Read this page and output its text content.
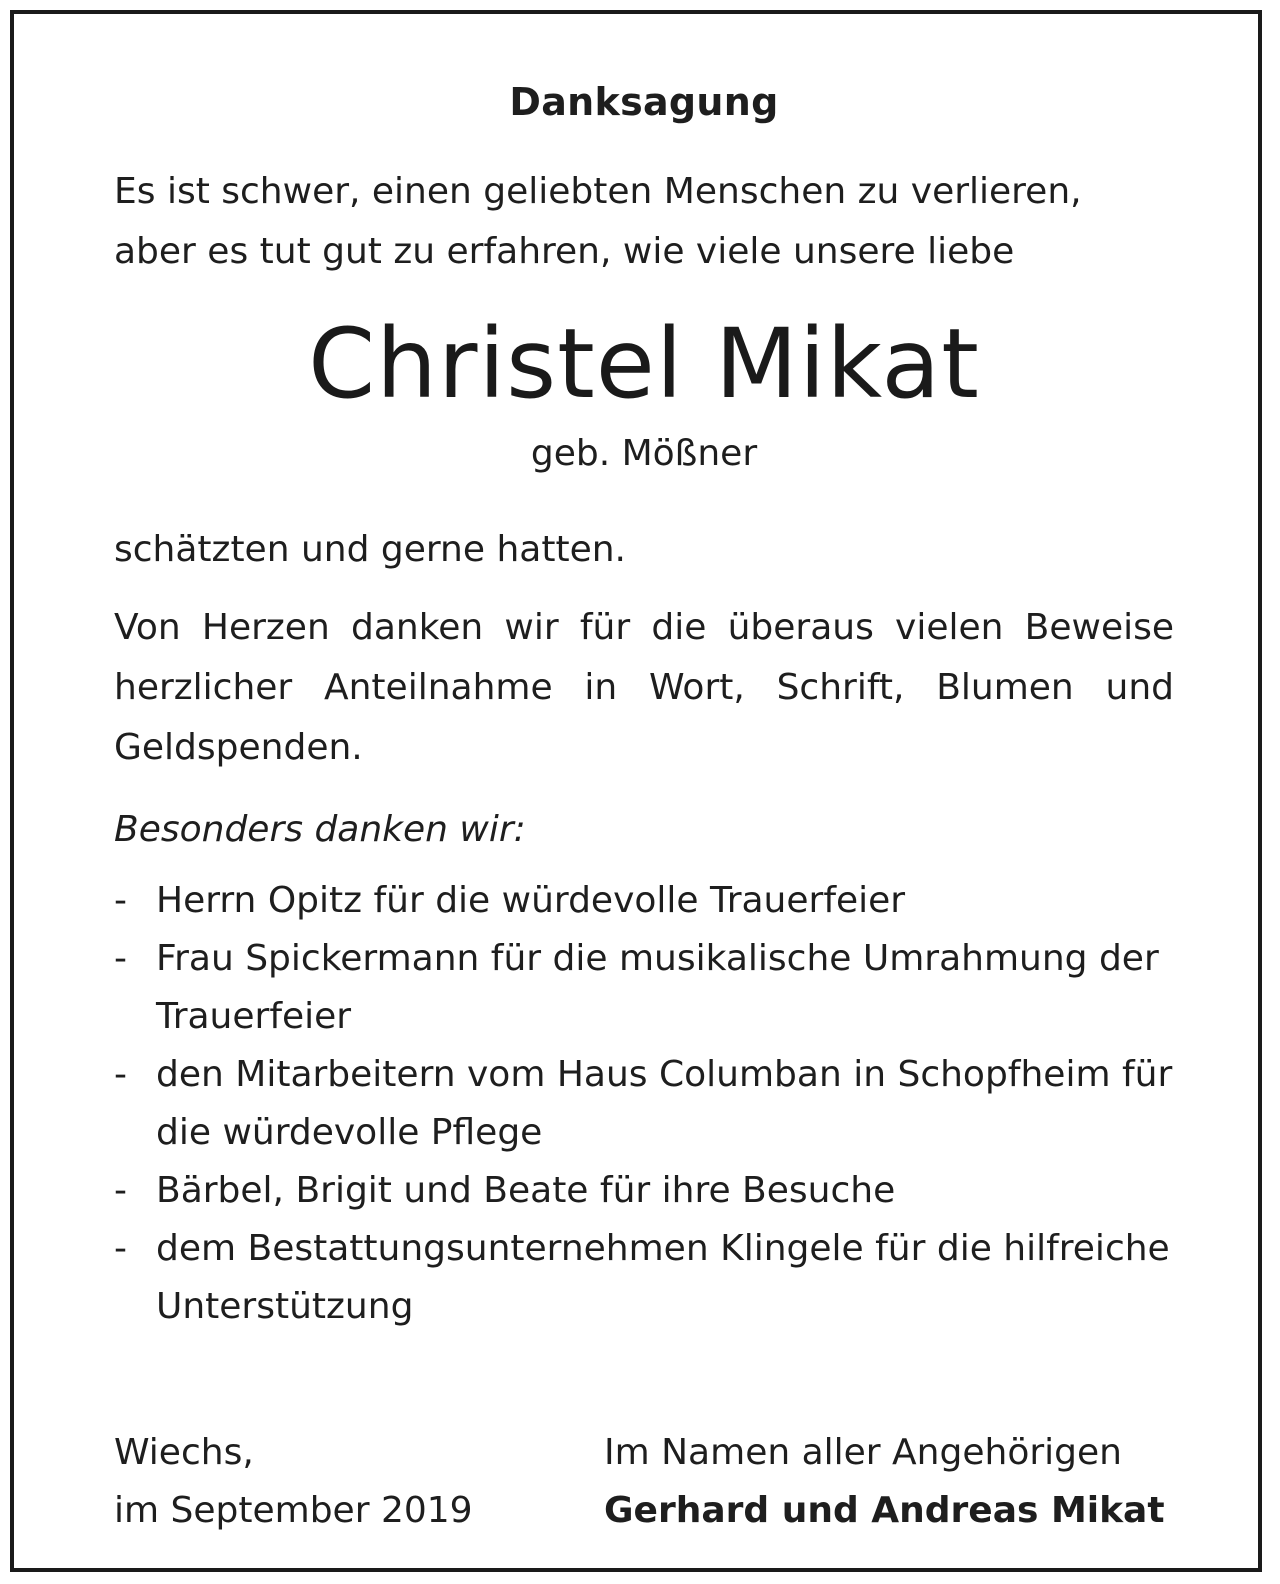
Danksagung

Es ist schwer, einen geliebten Menschen zu verlieren,
aber es tut gut zu erfahren, wie viele unsere liebe

Christel Mikat

geb. Mößner

schätzten und gerne hatten.

Von Herzen danken wir für die überaus vielen Beweise herzlicher Anteilnahme in Wort, Schrift, Blumen und Geldspenden.

Besonders danken wir:

- Herrn Opitz für die würdevolle Trauerfeier
- Frau Spickermann für die musikalische Umrahmung der Trauerfeier
- den Mitarbeitern vom Haus Columban in Schopfheim für die würdevolle Pflege
- Bärbel, Brigit und Beate für ihre Besuche
- dem Bestattungsunternehmen Klingele für die hilfreiche Unterstützung
Wiechs,
im September 2019
Im Namen aller Angehörigen
Gerhard und Andreas Mikat
